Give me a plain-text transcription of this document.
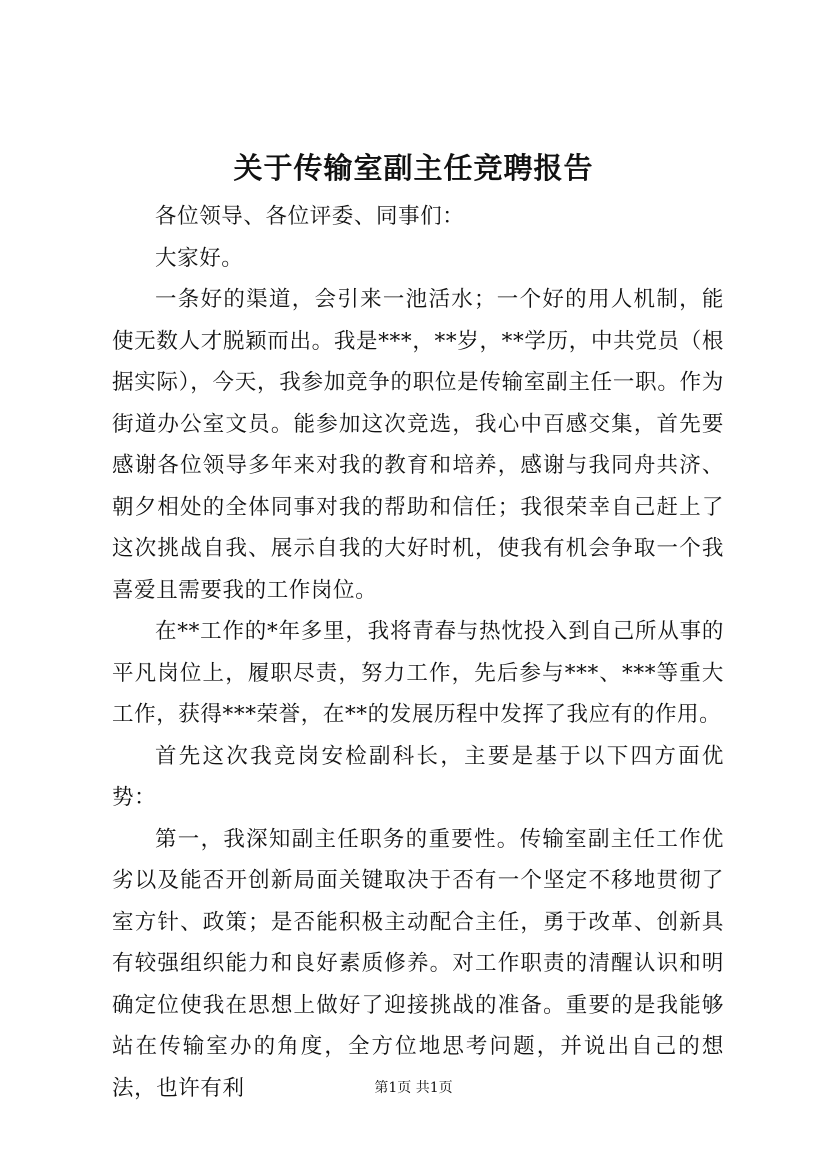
关于传输室副主任竞聘报告

各位领导、各位评委、同事们：

大家好。

一条好的渠道，会引来一池活水；一个好的用人机制，能使无数人才脱颖而出。我是***，**岁，**学历，中共党员（根据实际），今天，我参加竞争的职位是传输室副主任一职。作为街道办公室文员。能参加这次竞选，我心中百感交集，首先要感谢各位领导多年来对我的教育和培养，感谢与我同舟共济、朝夕相处的全体同事对我的帮助和信任；我很荣幸自己赶上了这次挑战自我、展示自我的大好时机，使我有机会争取一个我喜爱且需要我的工作岗位。

在**工作的*年多里，我将青春与热忱投入到自己所从事的平凡岗位上，履职尽责，努力工作，先后参与***、***等重大工作，获得***荣誉，在**的发展历程中发挥了我应有的作用。

首先这次我竞岗安检副科长，主要是基于以下四方面优势：

第一，我深知副主任职务的重要性。传输室副主任工作优劣以及能否开创新局面关键取决于否有一个坚定不移地贯彻了室方针、政策；是否能积极主动配合主任，勇于改革、创新具有较强组织能力和良好素质修养。对工作职责的清醒认识和明确定位使我在思想上做好了迎接挑战的准备。重要的是我能够站在传输室办的角度，全方位地思考问题，并说出自己的想法，也许有利	第1页 共1页
